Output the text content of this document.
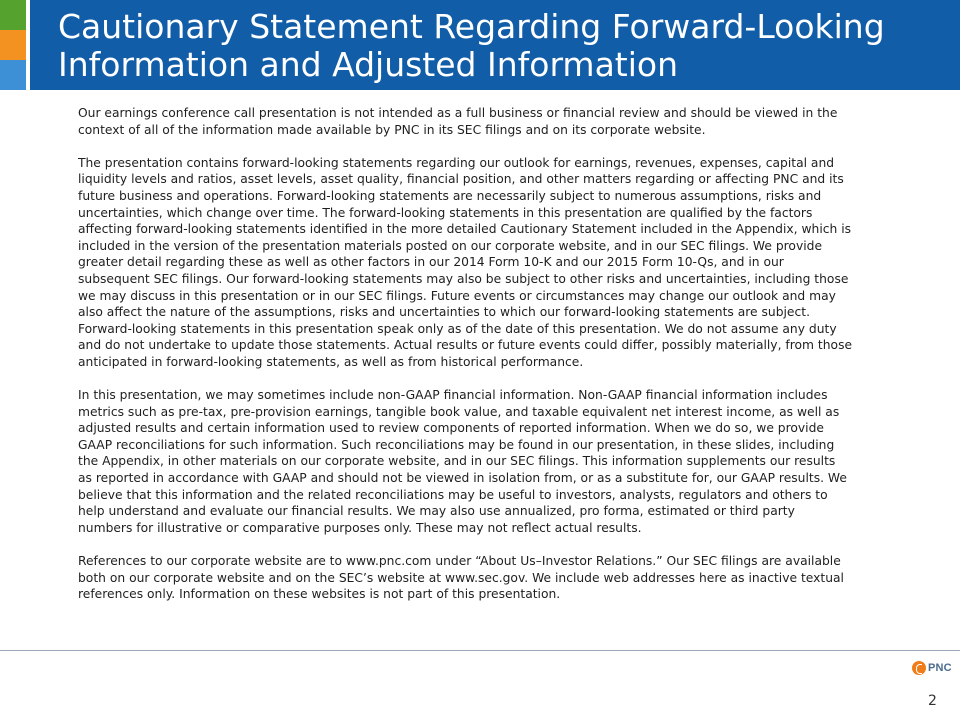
Cautionary Statement Regarding Forward-Looking
Information and Adjusted Information

Our earnings conference call presentation is not intended as a full business or financial review and should be viewed in the context of all of the information made available by PNC in its SEC filings and on its corporate website.

The presentation contains forward-looking statements regarding our outlook for earnings, revenues, expenses, capital and liquidity levels and ratios, asset levels, asset quality, financial position, and other matters regarding or affecting PNC and its future business and operations. Forward-looking statements are necessarily subject to numerous assumptions, risks and uncertainties, which change over time. The forward-looking statements in this presentation are qualified by the factors affecting forward-looking statements identified in the more detailed Cautionary Statement included in the Appendix, which is included in the version of the presentation materials posted on our corporate website, and in our SEC filings. We provide greater detail regarding these as well as other factors in our 2014 Form 10-K and our 2015 Form 10-Qs, and in our subsequent SEC filings. Our forward-looking statements may also be subject to other risks and uncertainties, including those we may discuss in this presentation or in our SEC filings. Future events or circumstances may change our outlook and may also affect the nature of the assumptions, risks and uncertainties to which our forward-looking statements are subject. Forward-looking statements in this presentation speak only as of the date of this presentation. We do not assume any duty and do not undertake to update those statements. Actual results or future events could differ, possibly materially, from those anticipated in forward-looking statements, as well as from historical performance.

In this presentation, we may sometimes include non-GAAP financial information. Non-GAAP financial information includes metrics such as pre-tax, pre-provision earnings, tangible book value, and taxable equivalent net interest income, as well as adjusted results and certain information used to review components of reported information. When we do so, we provide GAAP reconciliations for such information. Such reconciliations may be found in our presentation, in these slides, including the Appendix, in other materials on our corporate website, and in our SEC filings. This information supplements our results as reported in accordance with GAAP and should not be viewed in isolation from, or as a substitute for, our GAAP results. We believe that this information and the related reconciliations may be useful to investors, analysts, regulators and others to help understand and evaluate our financial results. We may also use annualized, pro forma, estimated or third party numbers for illustrative or comparative purposes only. These may not reflect actual results.

References to our corporate website are to www.pnc.com under “About Us–Investor Relations.” Our SEC filings are available both on our corporate website and on the SEC’s website at www.sec.gov. We include web addresses here as inactive textual references only. Information on these websites is not part of this presentation.

PNC
2
